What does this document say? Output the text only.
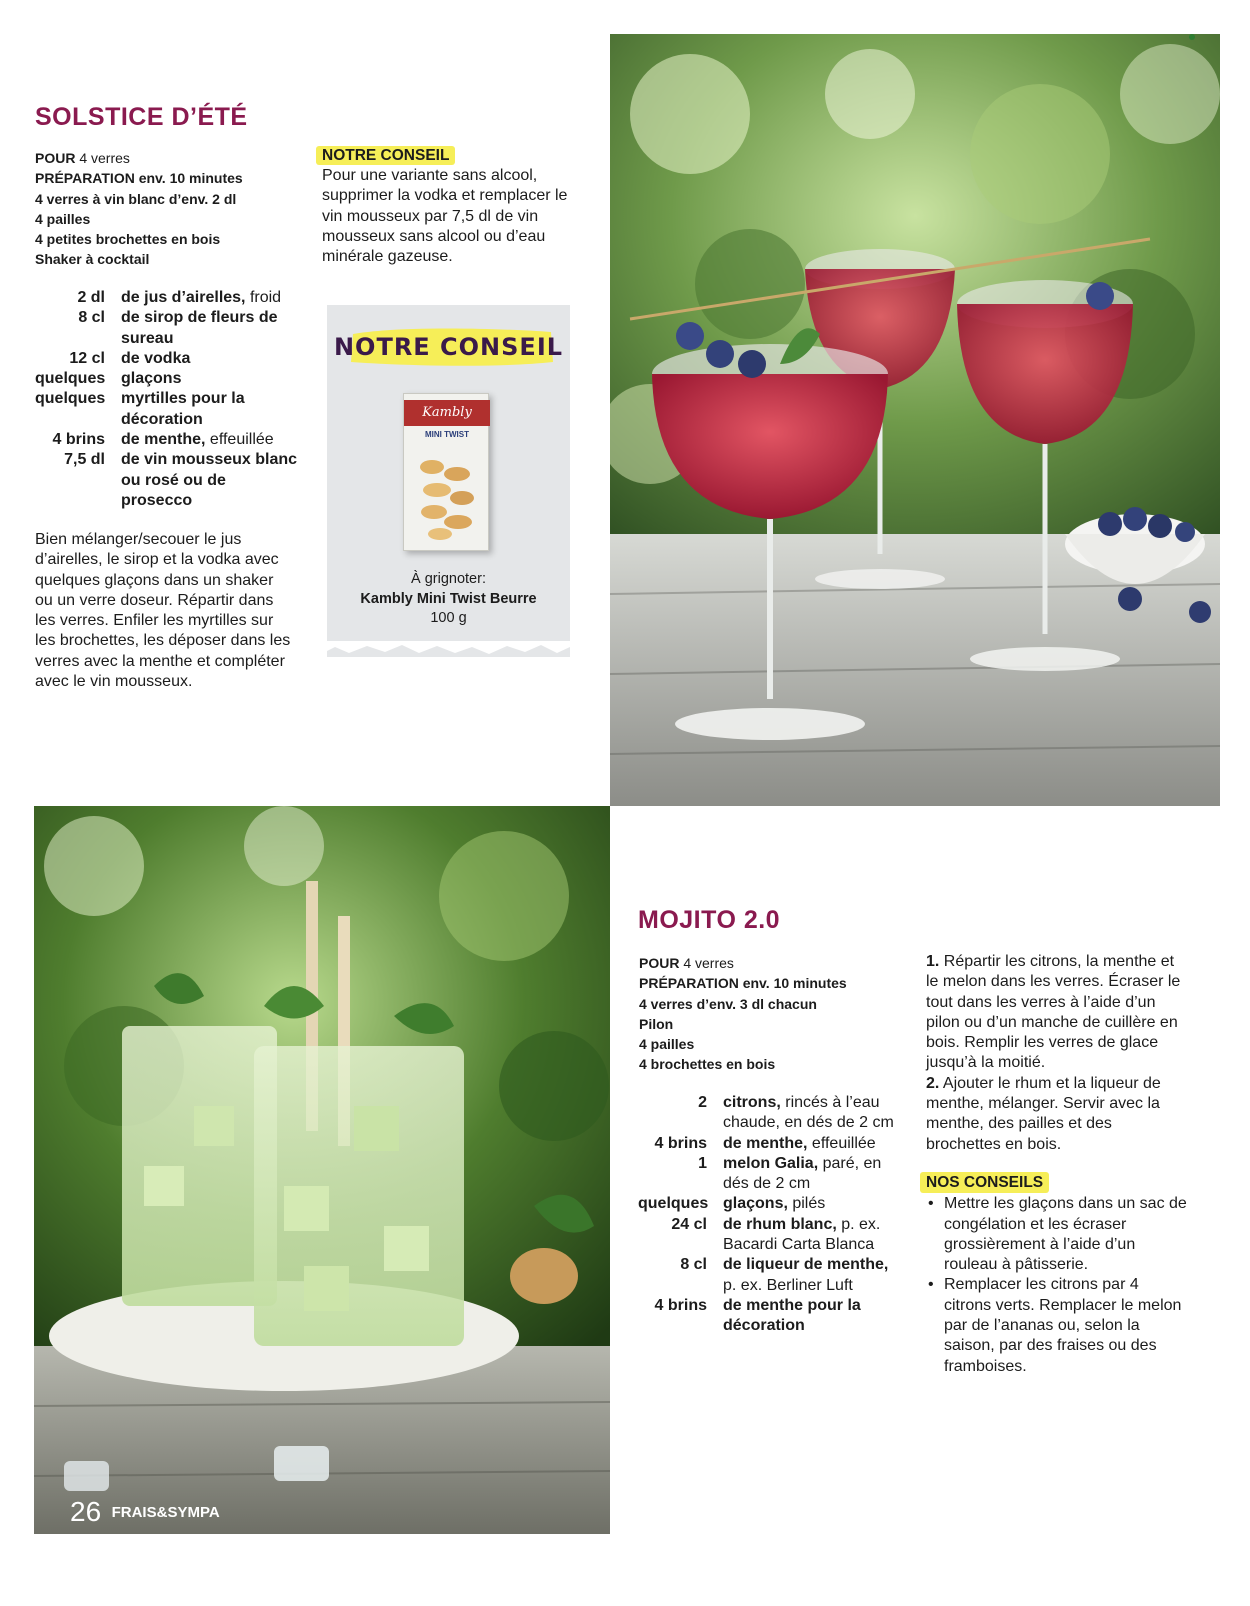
SOLSTICE D’ÉTÉ
POUR 4 verres
PRÉPARATION env. 10 minutes
4 verres à vin blanc d’env. 2 dl
4 pailles
4 petites brochettes en bois
Shaker à cocktail
2 dl	de jus d’airelles, froid
8 cl	de sirop de fleurs de sureau
12 cl	de vodka
quelques glaçons
quelques myrtilles pour la décoration
4 brins	de menthe, effeuillée
7,5 dl	de vin mousseux blanc ou rosé ou de prosecco

Bien mélanger/secouer le jus d’airelles, le sirop et la vodka avec quelques glaçons dans un shaker ou un verre doseur. Répartir dans les verres. Enfiler les myrtilles sur les brochettes, les déposer dans les verres avec la menthe et compléter avec le vin mousseux.

NOTRE CONSEIL

Pour une variante sans alcool, supprimer la vodka et remplacer le vin mousseux par 7,5 dl de vin mousseux sans alcool ou d’eau minérale gazeuse.

NOTRE CONSEIL
Kambly
MINI TWIST
À grignoter:
Kambly Mini Twist Beurre
100 g
26 FRAIS&SYMPA
MOJITO 2.0
POUR 4 verres
PRÉPARATION env. 10 minutes
4 verres d’env. 3 dl chacun
Pilon
4 pailles
4 brochettes en bois
2	citrons, rincés à l’eau chaude, en dés de 2 cm
4 brins	de menthe, effeuillée
1	melon Galia, paré, en dés de 2 cm
quelques glaçons, pilés
24 cl	de rhum blanc, p. ex. Bacardi Carta Blanca
8 cl	de liqueur de menthe, p. ex. Berliner Luft
4 brins	de menthe pour la décoration

1. Répartir les citrons, la menthe et le melon dans les verres. Écraser le tout dans les verres à l’aide d’un pilon ou d’un manche de cuillère en bois. Remplir les verres de glace jusqu’à la moitié.

2. Ajouter le rhum et la liqueur de menthe, mélanger. Servir avec la menthe, des pailles et des brochettes en bois.

NOS CONSEILS
• Mettre les glaçons dans un sac de congélation et les écraser grossièrement à l’aide d’un rouleau à pâtisserie.
• Remplacer les citrons par 4 citrons verts. Remplacer le melon par de l’ananas ou, selon la saison, par des fraises ou des framboises.
